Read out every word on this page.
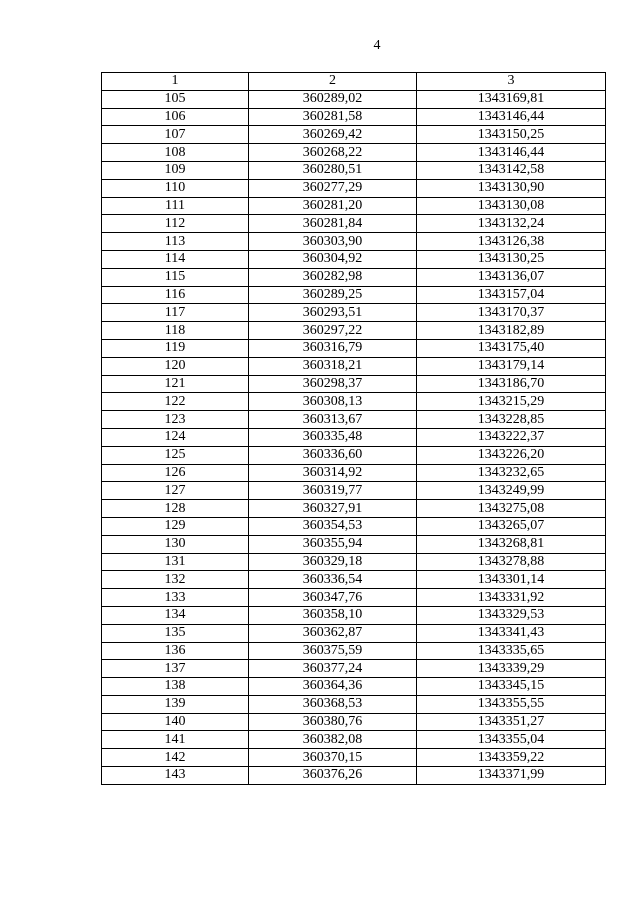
4
1	2	3
105	360289,02	1343169,81
106	360281,58	1343146,44
107	360269,42	1343150,25
108	360268,22	1343146,44
109	360280,51	1343142,58
110	360277,29	1343130,90
111	360281,20	1343130,08
112	360281,84	1343132,24
113	360303,90	1343126,38
114	360304,92	1343130,25
115	360282,98	1343136,07
116	360289,25	1343157,04
117	360293,51	1343170,37
118	360297,22	1343182,89
119	360316,79	1343175,40
120	360318,21	1343179,14
121	360298,37	1343186,70
122	360308,13	1343215,29
123	360313,67	1343228,85
124	360335,48	1343222,37
125	360336,60	1343226,20
126	360314,92	1343232,65
127	360319,77	1343249,99
128	360327,91	1343275,08
129	360354,53	1343265,07
130	360355,94	1343268,81
131	360329,18	1343278,88
132	360336,54	1343301,14
133	360347,76	1343331,92
134	360358,10	1343329,53
135	360362,87	1343341,43
136	360375,59	1343335,65
137	360377,24	1343339,29
138	360364,36	1343345,15
139	360368,53	1343355,55
140	360380,76	1343351,27
141	360382,08	1343355,04
142	360370,15	1343359,22
143	360376,26	1343371,99
